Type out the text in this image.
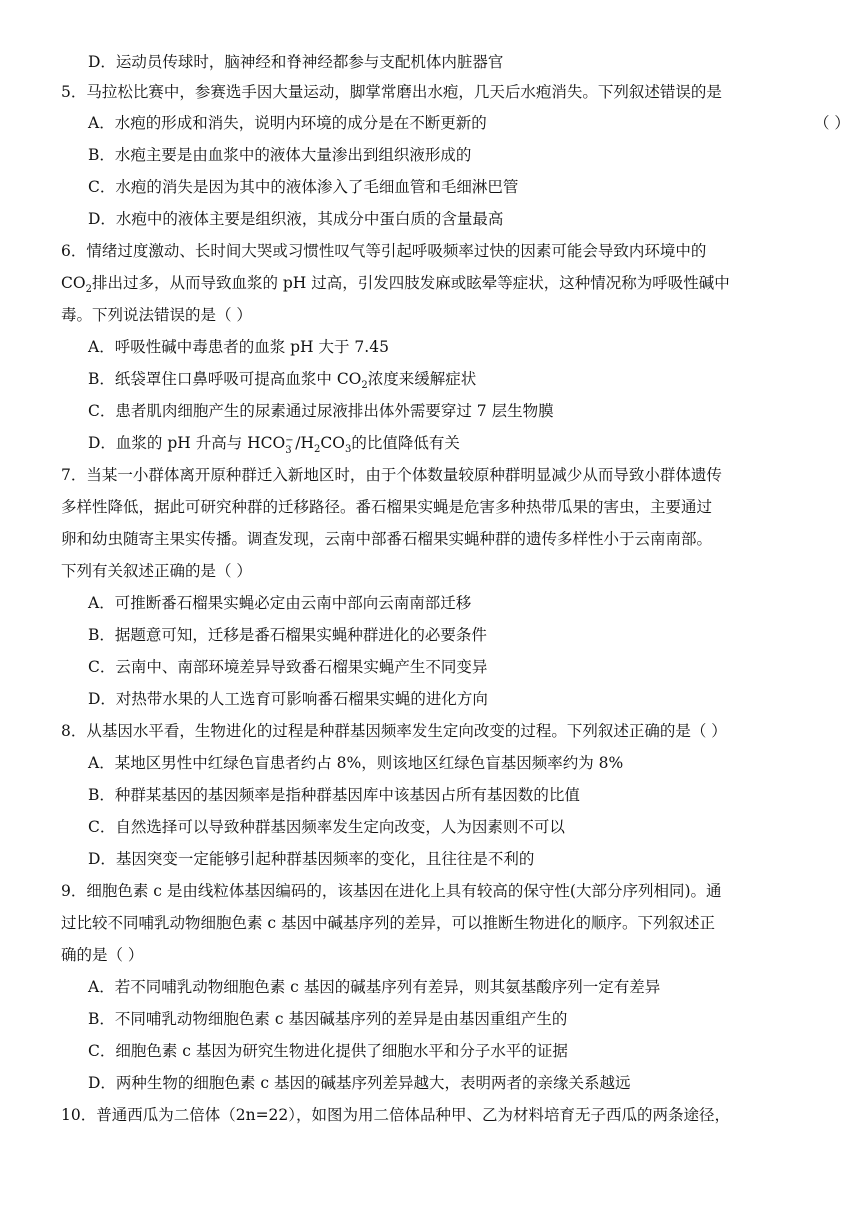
D．运动员传球时，脑神经和脊神经都参与支配机体内脏器官
5．马拉松比赛中，参赛选手因大量运动，脚掌常磨出水疱，几天后水疱消失。下列叙述错误的是
A．水疱的形成和消失，说明内环境的成分是在不断更新的	（ ）
B．水疱主要是由血浆中的液体大量渗出到组织液形成的
C．水疱的消失是因为其中的液体渗入了毛细血管和毛细淋巴管
D．水疱中的液体主要是组织液，其成分中蛋白质的含量最高
6．情绪过度激动、长时间大哭或习惯性叹气等引起呼吸频率过快的因素可能会导致内环境中的
$CO_2$排出过多，从而导致血浆的 pH 过高，引发四肢发麻或眩晕等症状，这种情况称为呼吸性碱中
毒。下列说法错误的是（ ）
A．呼吸性碱中毒患者的血浆 pH 大于 7.45
B．纸袋罩住口鼻呼吸可提高血浆中 $CO_2$浓度来缓解症状
C．患者肌肉细胞产生的尿素通过尿液排出体外需要穿过 7 层生物膜
D．血浆的 pH 升高与 HCO −
3 $/H_2CO_3$的比值降低有关
7．当某一小群体离开原种群迁入新地区时，由于个体数量较原种群明显减少从而导致小群体遗传
多样性降低，据此可研究种群的迁移路径。番石榴果实蝇是危害多种热带瓜果的害虫，主要通过
卵和幼虫随寄主果实传播。调查发现，云南中部番石榴果实蝇种群的遗传多样性小于云南南部。
下列有关叙述正确的是（ ）
A．可推断番石榴果实蝇必定由云南中部向云南南部迁移
B．据题意可知，迁移是番石榴果实蝇种群进化的必要条件
C．云南中、南部环境差异导致番石榴果实蝇产生不同变异
D．对热带水果的人工选育可影响番石榴果实蝇的进化方向
8．从基因水平看，生物进化的过程是种群基因频率发生定向改变的过程。下列叙述正确的是（ ）
A．某地区男性中红绿色盲患者约占 8%，则该地区红绿色盲基因频率约为 8%
B．种群某基因的基因频率是指种群基因库中该基因占所有基因数的比值
C．自然选择可以导致种群基因频率发生定向改变，人为因素则不可以
D．基因突变一定能够引起种群基因频率的变化，且往往是不利的
9．细胞色素 c 是由线粒体基因编码的，该基因在进化上具有较高的保守性(大部分序列相同)。通
过比较不同哺乳动物细胞色素 c 基因中碱基序列的差异，可以推断生物进化的顺序。下列叙述正
确的是（ ）
A．若不同哺乳动物细胞色素 c 基因的碱基序列有差异，则其氨基酸序列一定有差异
B．不同哺乳动物细胞色素 c 基因碱基序列的差异是由基因重组产生的
C．细胞色素 c 基因为研究生物进化提供了细胞水平和分子水平的证据
D．两种生物的细胞色素 c 基因的碱基序列差异越大，表明两者的亲缘关系越远
10．普通西瓜为二倍体（2n=22），如图为用二倍体品种甲、乙为材料培育无子西瓜的两条途径，
